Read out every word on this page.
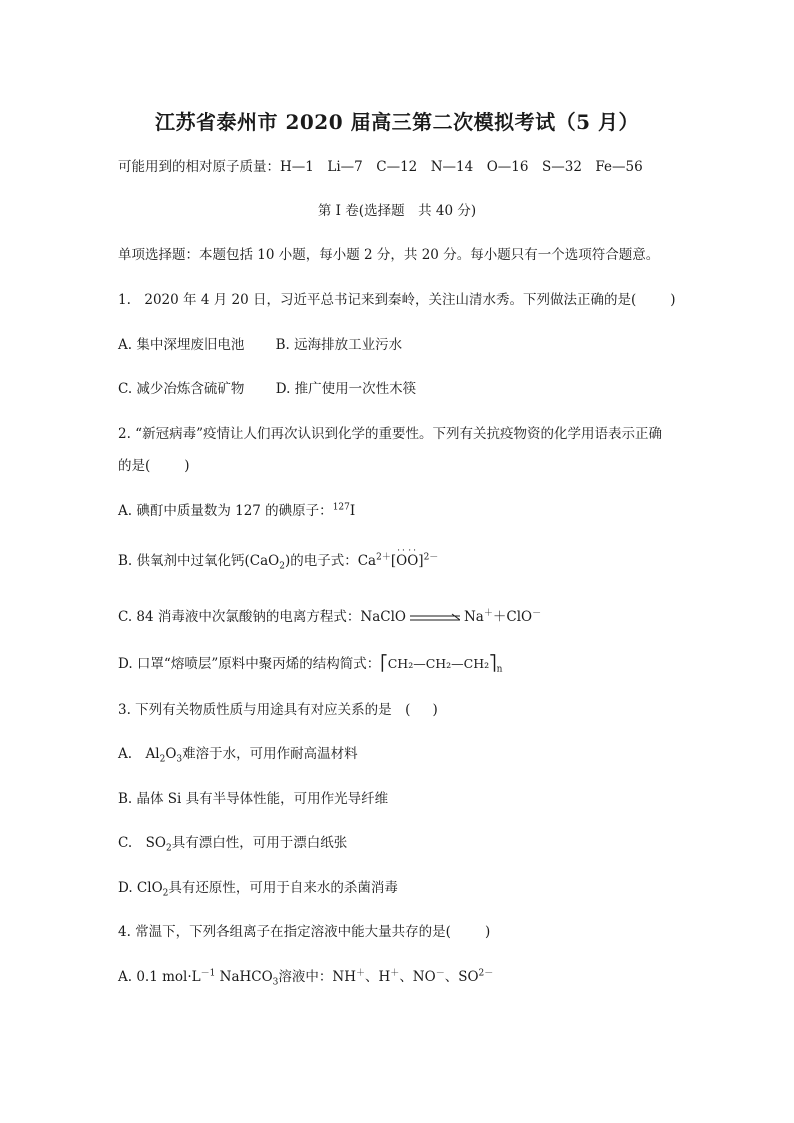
江苏省泰州市 2020 届高三第二次模拟考试（5 月）
可能用到的相对原子质量：H—1　Li—7　C—12　N—14　O—16　S—32　Fe—56
第 I 卷(选择题　共 40 分)
单项选择题：本题包括 10 小题，每小题 2 分，共 20 分。每小题只有一个选项符合题意。
1.　2020 年 4 月 20 日，习近平总书记来到秦岭，关注山清水秀。下列做法正确的是(	)
A. 集中深埋废旧电池　　 B. 远海排放工业污水
C. 减少冶炼含硫矿物　　 D. 推广使用一次性木筷
2. “新冠病毒”疫情让人们再次认识到化学的重要性。下列有关抗疫物资的化学用语表示正确
的是(	)
A. 碘酊中质量数为 127 的碘原子：$^{127}$I
B. 供氧剂中过氧化钙(CaO$_2$)的电子式：$Ca^{2+}[\cdot\cdot O\cdot\cdot O]^{2-}$
C. 84 消毒液中次氯酸钠的电离方程式：NaClO	Na＋＋ClO－
D. 口罩“熔喷层”原料中聚丙烯的结构简式：$⎡CH_2—CH_2—CH_2⎤_n$
3. 下列有关物质性质与用途具有对应关系的是　( )
A.　$Al_2O_3$难溶于水，可用作耐高温材料
B. 晶体 Si 具有半导体性能，可用作光导纤维
C.　$SO_2$具有漂白性，可用于漂白纸张
D. ClO$_2$具有还原性，可用于自来水的杀菌消毒
4. 常温下，下列各组离子在指定溶液中能大量共存的是(	)
A. 0.1 $mol\cdot L^{-1}$ NaHCO$_3$溶液中：NH＋、H＋、NO－、$SO^{2-}$
